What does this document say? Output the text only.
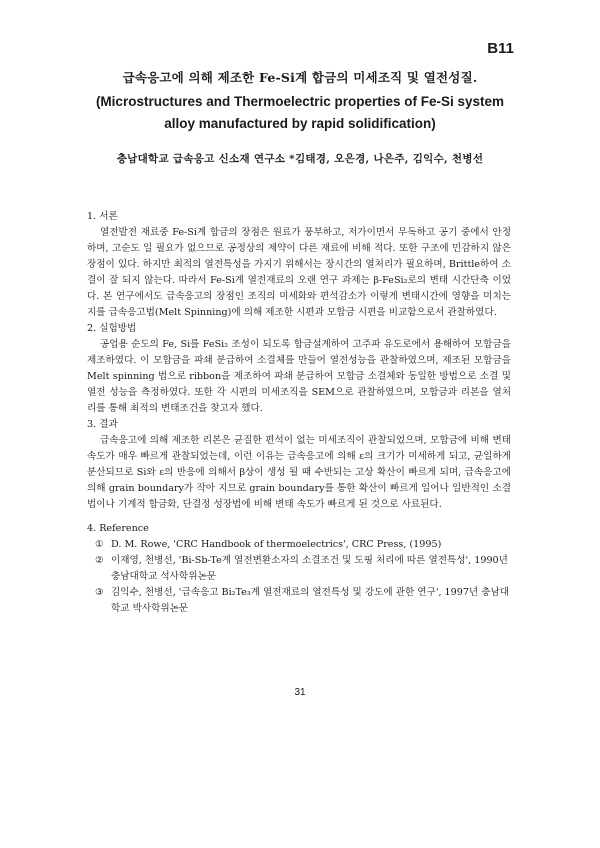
B11
급속응고에 의해 제조한 Fe-Si계 합금의 미세조직 및 열전성질.
(Microstructures and Thermoelectric properties of Fe-Si system
alloy manufactured by rapid solidification)
충남대학교 급속응고 신소재 연구소 *김태경, 오은경, 나은주, 김익수, 천병선

1. 서론

열전발전 재료중 Fe-Si계 합금의 장점은 원료가 풍부하고, 저가이면서 무독하고 공기 중에서 안정하며, 고순도 일 필요가 없으므로 공정상의 제약이 다른 재료에 비해 적다. 또한 구조에 민감하지 않은 장점이 있다. 하지만 최적의 열전특성을 가지기 위해서는 장시간의 열처리가 필요하며, Brittle하여 소결이 잘 되지 않는다. 따라서 Fe-Si계 열전재료의 오랜 연구 과제는 β-FeSi₂로의 변태 시간단축 이었다. 본 연구에서도 급속응고의 장점인 조직의 미세화와 편석감소가 이렇게 변태시간에 영향을 미치는 지를 급속응고법(Melt Spinning)에 의해 제조한 시편과 모합금 시편을 비교함으로서 관찰하였다.

2. 실험방법

공업용 순도의 Fe, Si를 FeSi₂ 조성이 되도록 합금설계하여 고주파 유도로에서 용해하여 모합금을 제조하였다. 이 모합금을 파쇄 분급하여 소결체를 만들어 열전성능을 관찰하였으며, 제조된 모합금을 Melt spinning 법으로 ribbon을 제조하여 파쇄 분급하여 모합금 소결체와 동일한 방법으로 소결 및 열전 성능을 측정하였다. 또한 각 시편의 미세조직을 SEM으로 관찰하였으며, 모합금과 리본을 열처리를 통해 최적의 변태조건을 찾고자 했다.

3. 결과

급속응고에 의해 제조한 리본은 균질한 편석이 없는 미세조직이 관찰되었으며, 모합금에 비해 변태 속도가 매우 빠르게 관찰되었는데, 이런 이유는 급속응고에 의해 ε의 크기가 미세하게 되고, 균일하게 분산되므로 Si와 ε의 반응에 의해서 β상이 생성 될 때 수반되는 고상 확산이 빠르게 되며, 급속응고에 의해 grain boundary가 작아 지므로 grain boundary를 통한 확산이 빠르게 일어나 일반적인 소결법이나 기계적 합금화, 단결정 성장법에 비해 변태 속도가 빠르게 된 것으로 사료된다.

4. Reference

① D. M. Rowe, 'CRC Handbook of thermoelectrics', CRC Press, (1995)
② 이재영, 천병선, 'Bi-Sb-Te계 열전변환소자의 소결조건 및 도핑 처리에 따른 열전특성', 1990년 충남대학교 석사학위논문
③ 김익수, 천병선, '급속응고 Bi₂Te₃계 열전재료의 열전특성 및 강도에 관한 연구', 1997년 충남대학교 박사학위논문
31
